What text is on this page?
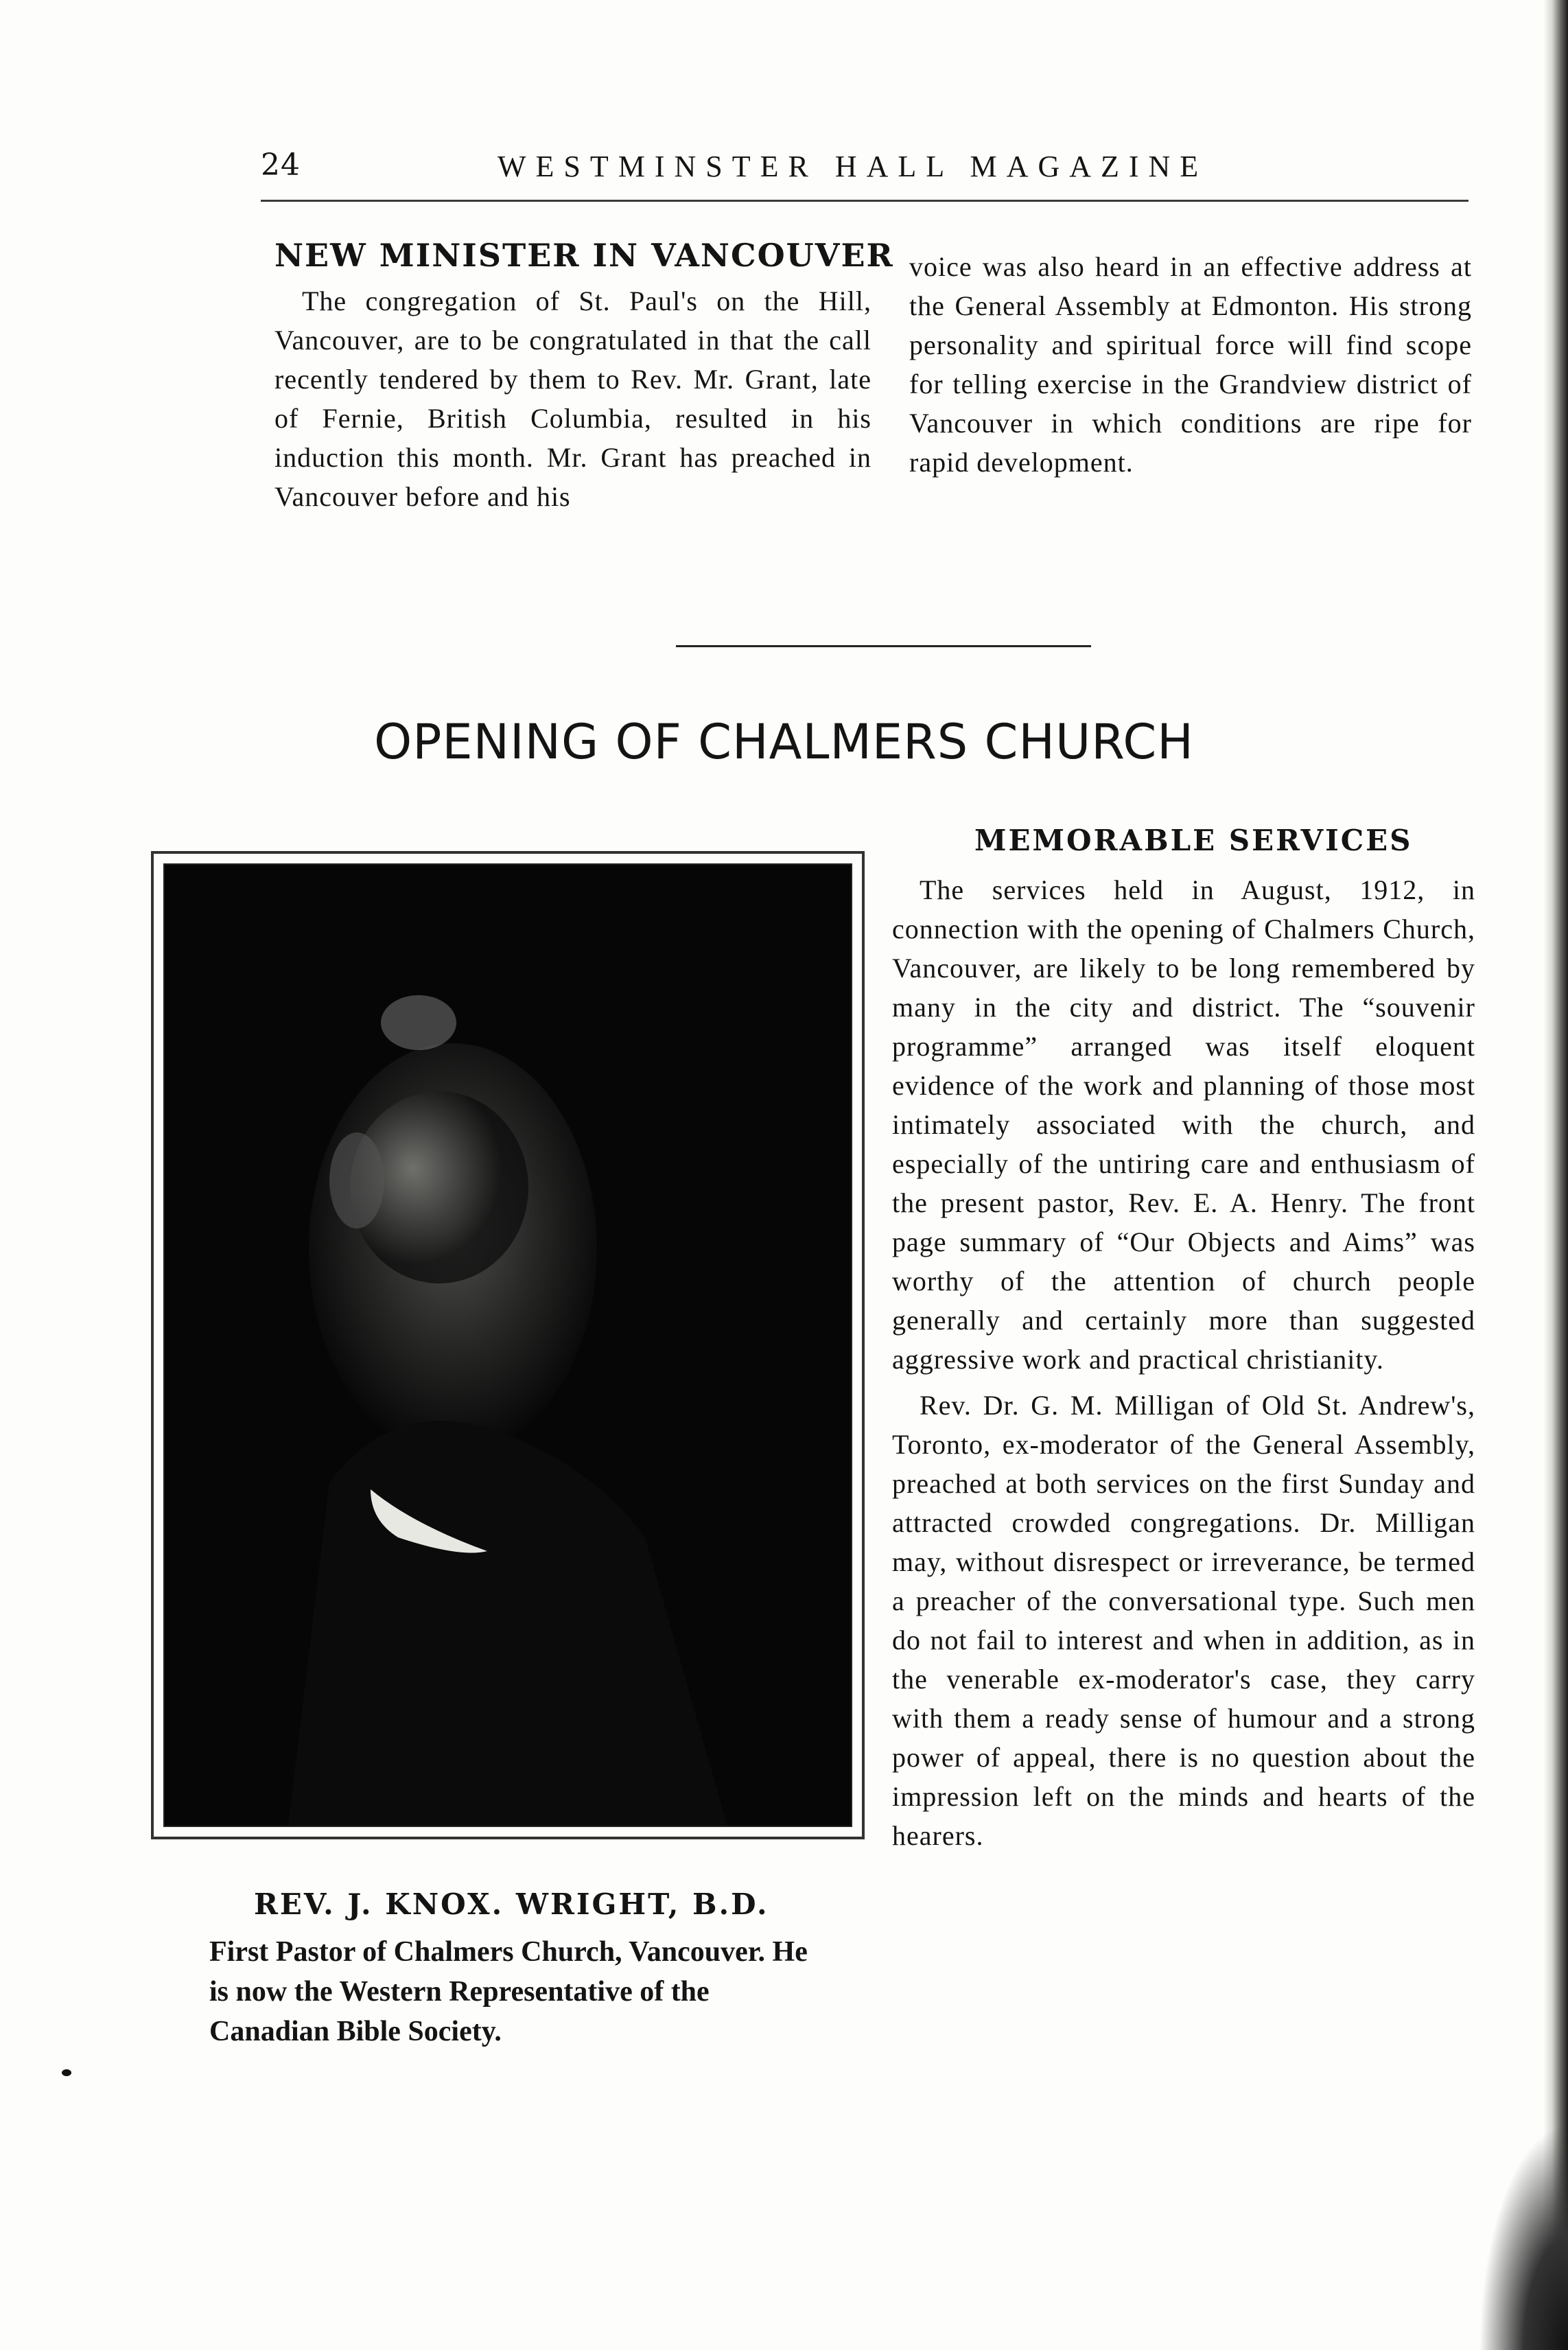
24	WESTMINSTER HALL MAGAZINE
NEW MINISTER IN VANCOUVER
The congregation of St. Paul's on the Hill, Vancouver, are to be congratulated in that the call recently tendered by them to Rev. Mr. Grant, late of Fernie, British Columbia, resulted in his induction this month. Mr. Grant has preached in Vancouver before and his
voice was also heard in an effective address at the General Assembly at Edmonton. His strong personality and spiritual force will find scope for telling exercise in the Grandview district of Vancouver in which conditions are ripe for rapid development.
OPENING OF CHALMERS CHURCH
REV. J. KNOX. WRIGHT, B.D.
First Pastor of Chalmers Church, Vancouver. He is now the Western Representative of the Canadian Bible Society.
MEMORABLE SERVICES

The services held in August, 1912, in connection with the opening of Chalmers Church, Vancouver, are likely to be long remembered by many in the city and district. The “souvenir programme” arranged was itself eloquent evidence of the work and planning of those most intimately associated with the church, and especially of the untiring care and enthusiasm of the present pastor, Rev. E. A. Henry. The front page summary of “Our Objects and Aims” was worthy of the attention of church people generally and certainly more than suggested aggressive work and practical christianity.

Rev. Dr. G. M. Milligan of Old St. Andrew's, Toronto, ex-moderator of the General Assembly, preached at both services on the first Sunday and attracted crowded congregations. Dr. Milligan may, without disrespect or irreverance, be termed a preacher of the conversational type. Such men do not fail to interest and when in addition, as in the venerable ex-moderator's case, they carry with them a ready sense of humour and a strong power of appeal, there is no question about the impression left on the minds and hearts of the hearers.
